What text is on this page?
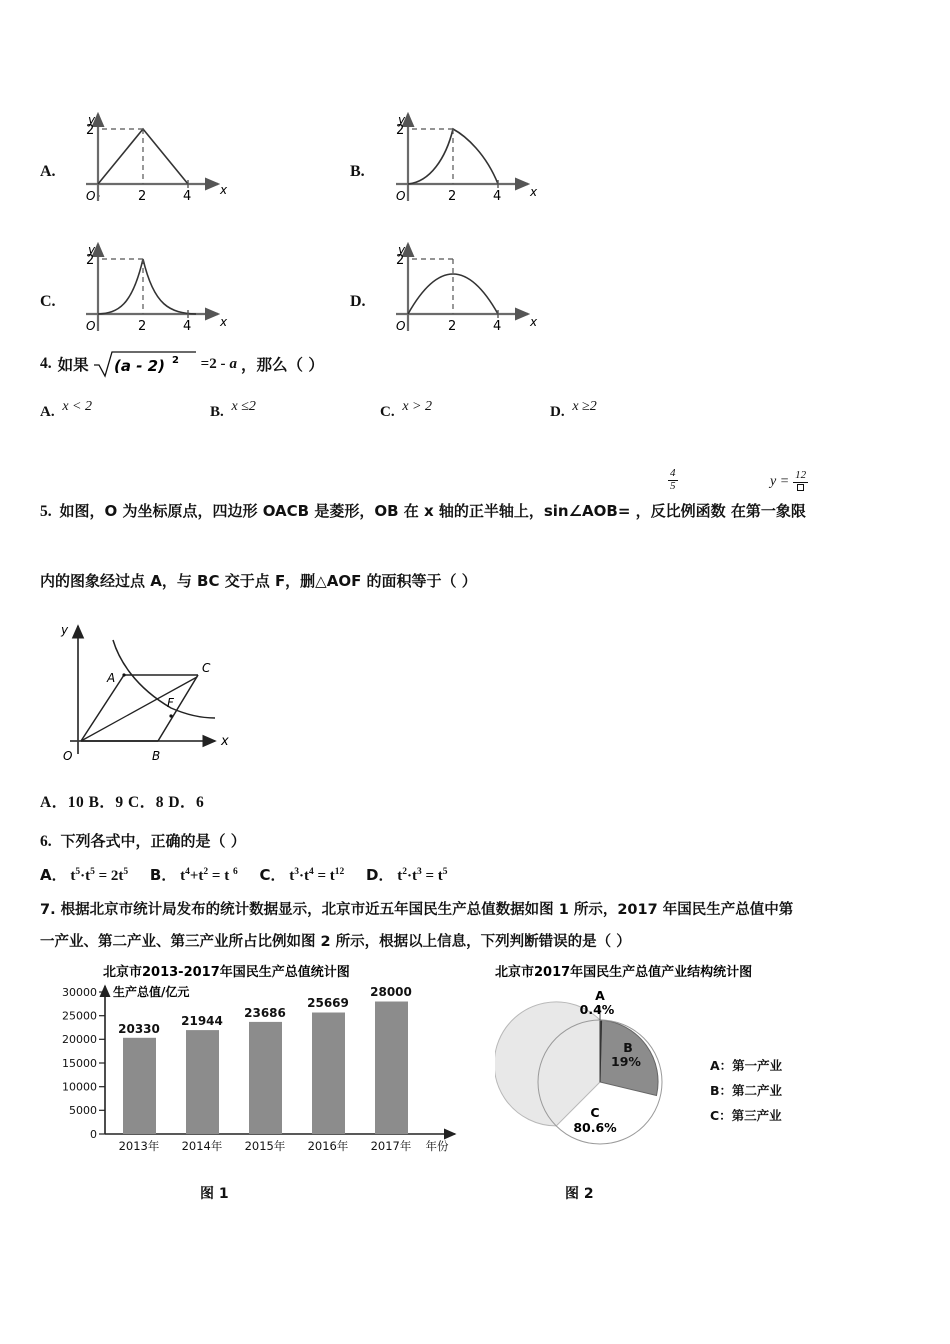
A.
y
2
O	2	4 x
B.
y
2
O	2	4 x
C.
y
2
O	2	4 x
D.
y
2
O	2	4 x
4. 如果 (a - 2) 2 =2 - a ，那么（ ）
A. x < 2	B. x ≤2	C. x > 2	D. x ≥2
$\frac{4}{5}$	y = 12
5. 如图，O 为坐标原点，四边形 OACB 是菱形，OB 在 x 轴的正半轴上，sin∠AOB= ，反比例函数 在第一象限
内的图象经过点 A，与 BC 交于点 F，删△AOF 的面积等于（ ）
y
x
O
A
C
B
F
A．10 B．9 C．8 D．6
6. 下列各式中，正确的是（ ）
A． $t^5\cdot t^5 = 2t^5$ B． $t^4+t^2 = t$ $^6$ C． $t^3\cdot t^4 = t^{12}$ D． $t^2\cdot t^3 = t^5$
7. 根据北京市统计局发布的统计数据显示，北京市近五年国民生产总值数据如图 1 所示，2017 年国民生产总值中第
一产业、第二产业、第三产业所占比例如图 2 所示，根据以上信息，下列判断错误的是（ ）
北京市2013-2017年国民生产总值统计图
生产总值/亿元
0
5000
10000
15000
20000
25000
30000
20330
21944
23686
25669
28000
2013年 2014年 2015年 2016年 2017年 年份
北京市2017年国民生产总值产业结构统计图
A
0.4%
B
19%
C
80.6%
A：第一产业
B：第二产业
C：第三产业
图 1	图 2
